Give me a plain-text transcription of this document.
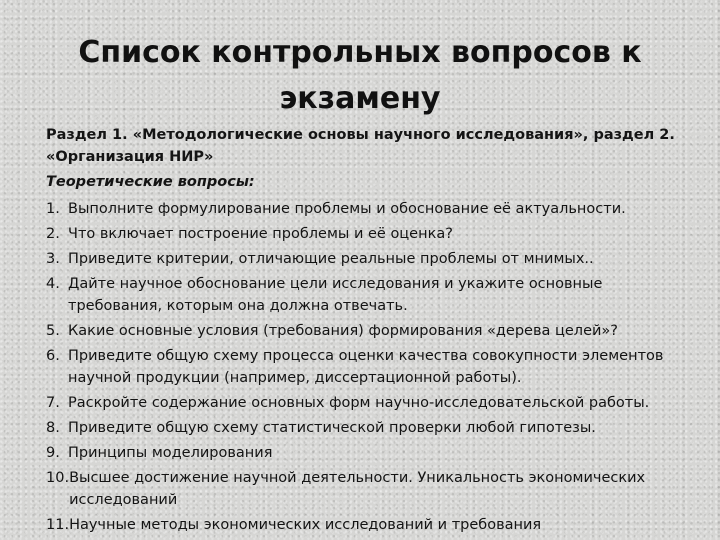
Список контрольных вопросов к экзамену
Раздел 1. «Методологические основы научного исследования», раздел 2. «Организация НИР»
Теоретические вопросы:
1. Выполните формулирование проблемы и обоснование её актуальности.
2. Что включает построение проблемы и её оценка?
3. Приведите критерии, отличающие реальные проблемы от мнимых..
4. Дайте научное обоснование цели исследования и укажите основные требования, которым она должна отвечать.
5. Какие основные условия (требования) формирования «дерева целей»?
6. Приведите общую схему процесса оценки качества совокупности элементов научной продукции (например, диссертационной работы).
7. Раскройте содержание основных форм научно-исследовательской работы.
8. Приведите общую схему статистической проверки любой гипотезы.
9. Принципы моделирования
10. Высшее достижение научной деятельности. Уникальность экономических исследований
11. Научные методы экономических исследований и требования
